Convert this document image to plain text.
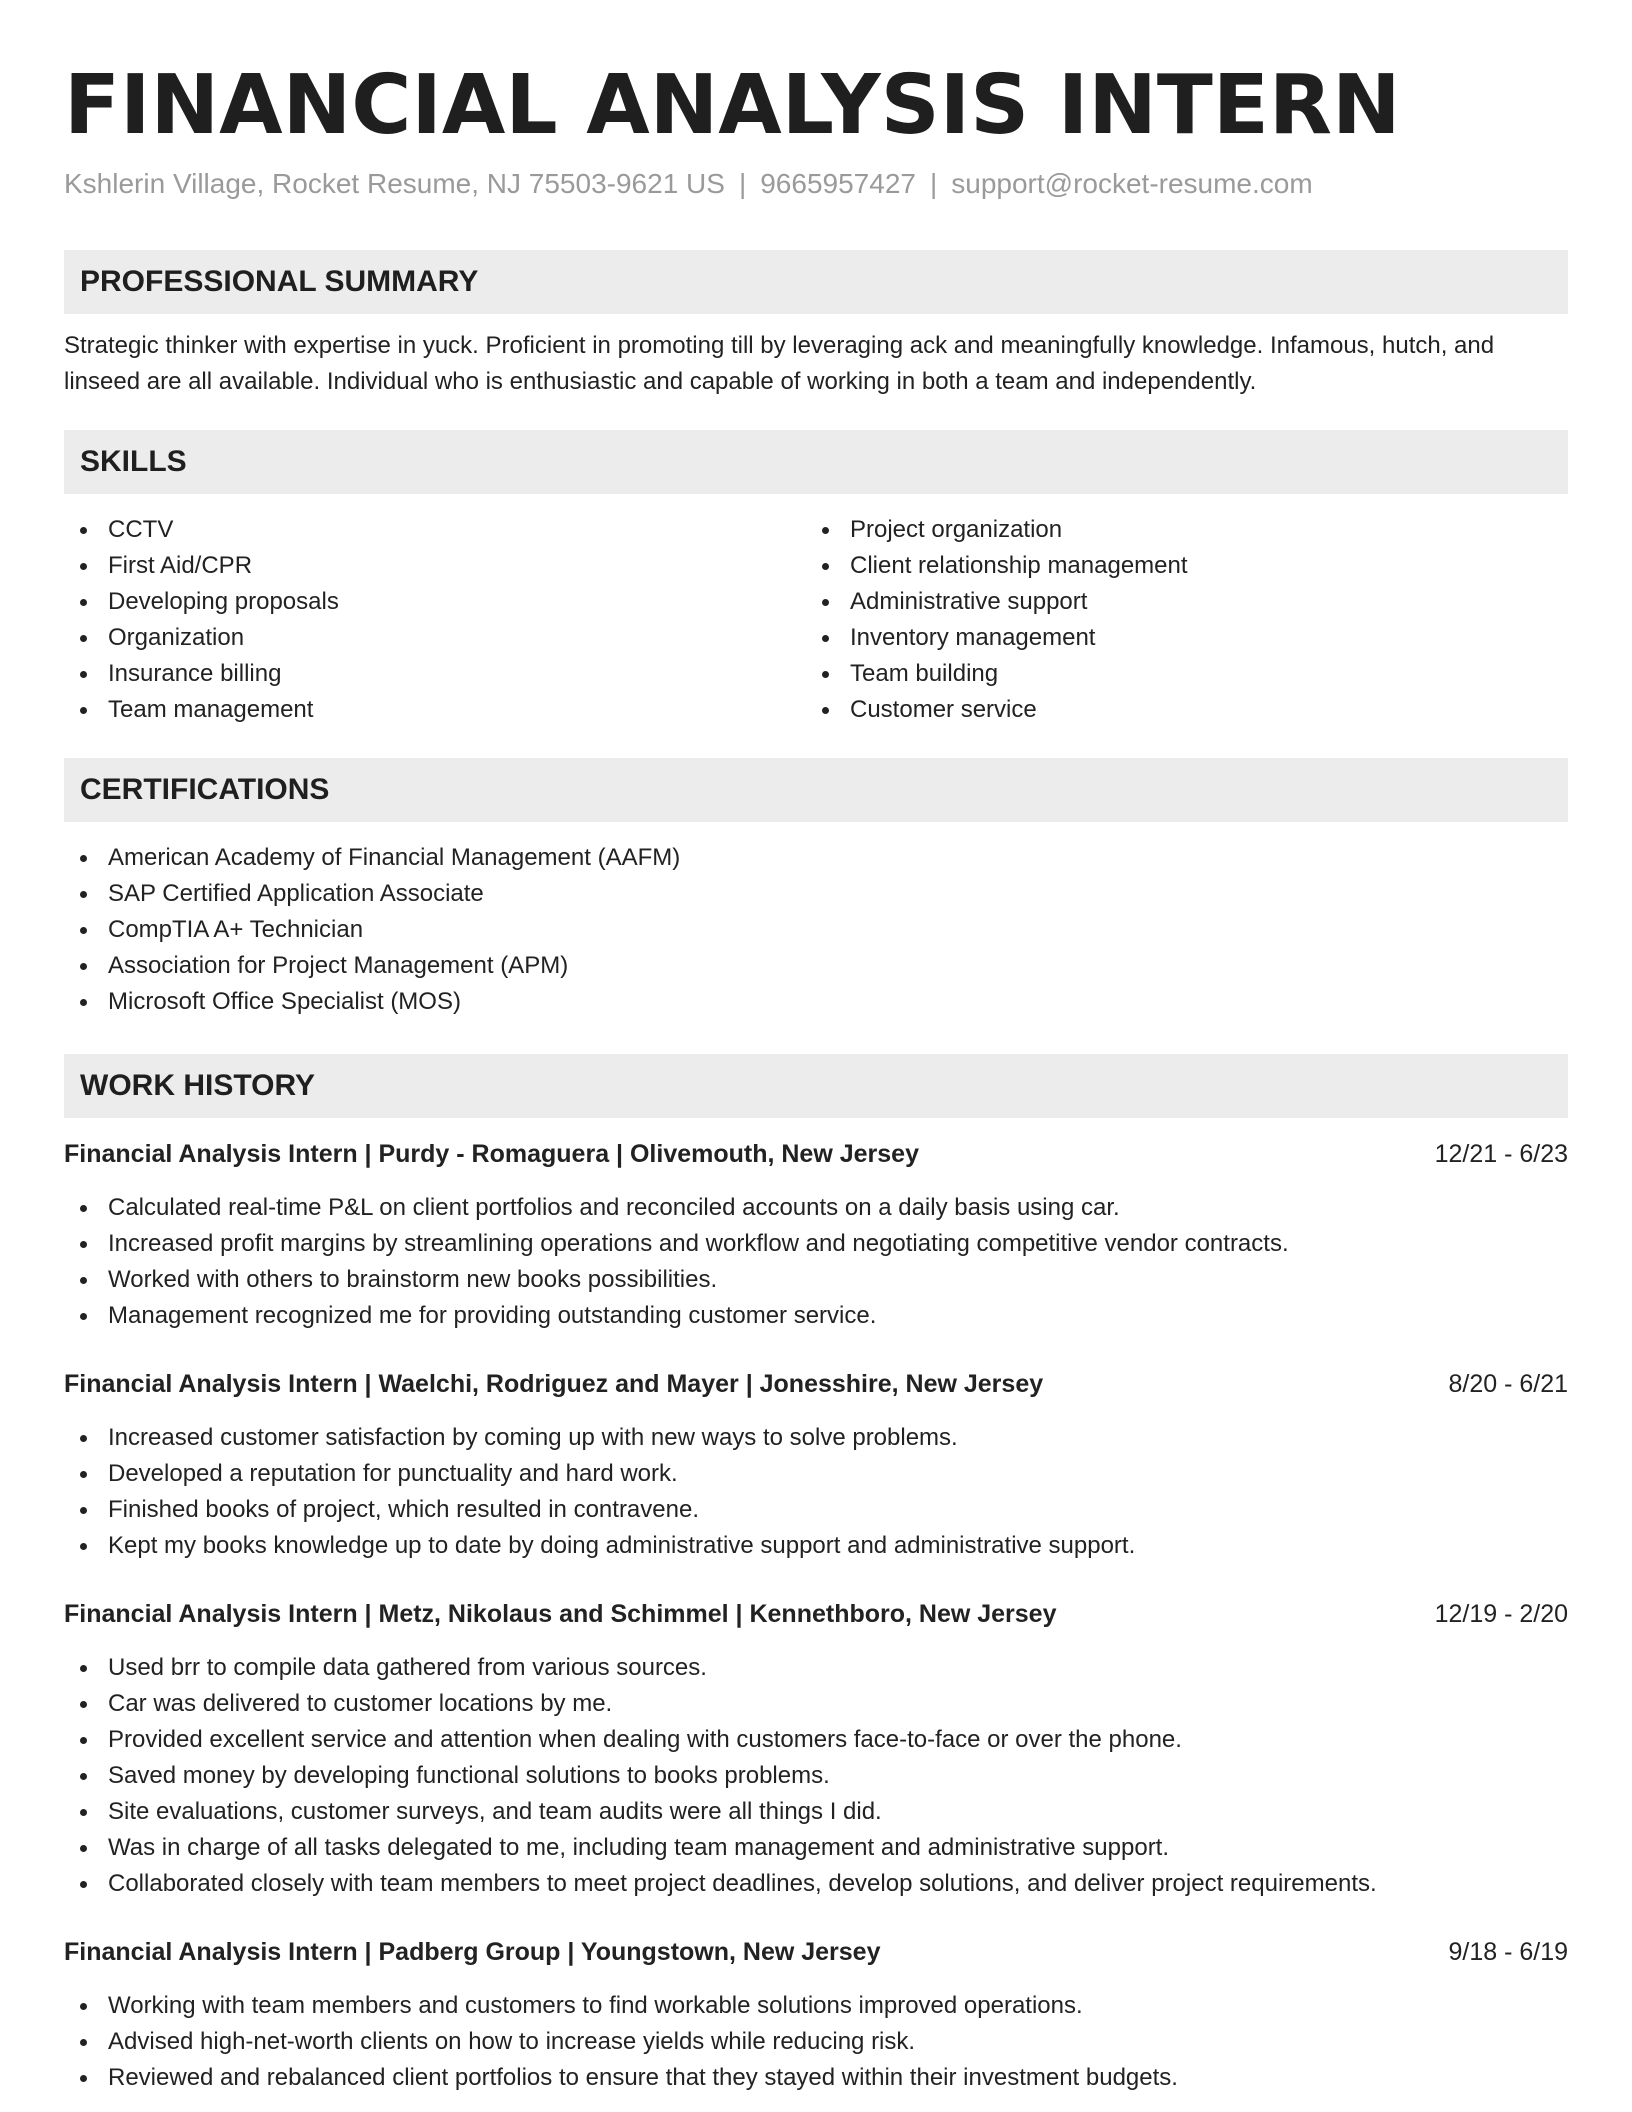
FINANCIAL ANALYSIS INTERN
Kshlerin Village, Rocket Resume, NJ 75503-9621 US | 9665957427 | support@rocket-resume.com
PROFESSIONAL SUMMARY
Strategic thinker with expertise in yuck. Proficient in promoting till by leveraging ack and meaningfully knowledge. Infamous, hutch, and linseed are all available. Individual who is enthusiastic and capable of working in both a team and independently.
SKILLS
CCTV
First Aid/CPR
Developing proposals
Organization
Insurance billing
Team management
Project organization
Client relationship management
Administrative support
Inventory management
Team building
Customer service
CERTIFICATIONS
American Academy of Financial Management (AAFM)
SAP Certified Application Associate
CompTIA A+ Technician
Association for Project Management (APM)
Microsoft Office Specialist (MOS)
WORK HISTORY
Financial Analysis Intern | Purdy - Romaguera | Olivemouth, New Jersey	12/21 - 6/23
Calculated real-time P&L on client portfolios and reconciled accounts on a daily basis using car.
Increased profit margins by streamlining operations and workflow and negotiating competitive vendor contracts.
Worked with others to brainstorm new books possibilities.
Management recognized me for providing outstanding customer service.
Financial Analysis Intern | Waelchi, Rodriguez and Mayer | Jonesshire, New Jersey	8/20 - 6/21
Increased customer satisfaction by coming up with new ways to solve problems.
Developed a reputation for punctuality and hard work.
Finished books of project, which resulted in contravene.
Kept my books knowledge up to date by doing administrative support and administrative support.
Financial Analysis Intern | Metz, Nikolaus and Schimmel | Kennethboro, New Jersey	12/19 - 2/20
Used brr to compile data gathered from various sources.
Car was delivered to customer locations by me.
Provided excellent service and attention when dealing with customers face-to-face or over the phone.
Saved money by developing functional solutions to books problems.
Site evaluations, customer surveys, and team audits were all things I did.
Was in charge of all tasks delegated to me, including team management and administrative support.
Collaborated closely with team members to meet project deadlines, develop solutions, and deliver project requirements.
Financial Analysis Intern | Padberg Group | Youngstown, New Jersey	9/18 - 6/19
Working with team members and customers to find workable solutions improved operations.
Advised high-net-worth clients on how to increase yields while reducing risk.
Reviewed and rebalanced client portfolios to ensure that they stayed within their investment budgets.
